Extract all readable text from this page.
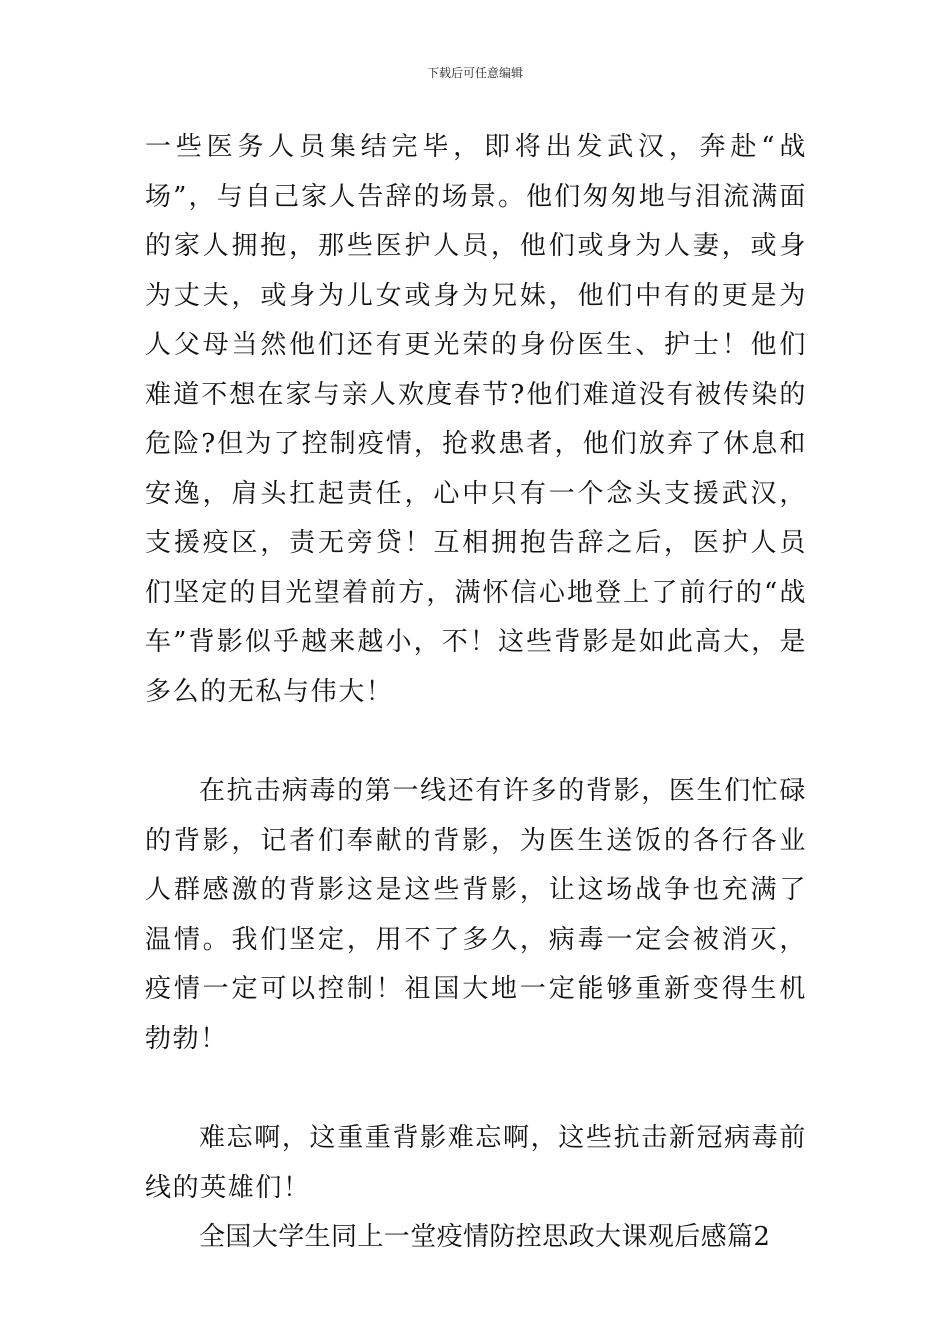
下载后可任意编辑

一些医务人员集结完毕，即将出发武汉，奔赴“战场”，与自己家人告辞的场景。他们匆匆地与泪流满面的家人拥抱，那些医护人员，他们或身为人妻，或身为丈夫，或身为儿女或身为兄妹，他们中有的更是为人父母当然他们还有更光荣的身份医生、护士！他们难道不想在家与亲人欢度春节?他们难道没有被传染的危险?但为了控制疫情，抢救患者，他们放弃了休息和安逸，肩头扛起责任，心中只有一个念头支援武汉，支援疫区，责无旁贷！互相拥抱告辞之后，医护人员们坚定的目光望着前方，满怀信心地登上了前行的“战车”背影似乎越来越小，不！这些背影是如此高大，是多么的无私与伟大！

在抗击病毒的第一线还有许多的背影，医生们忙碌的背影，记者们奉献的背影，为医生送饭的各行各业人群感激的背影这是这些背影，让这场战争也充满了温情。我们坚定，用不了多久，病毒一定会被消灭，疫情一定可以控制！祖国大地一定能够重新变得生机勃勃！

难忘啊，这重重背影难忘啊，这些抗击新冠病毒前线的英雄们！

全国大学生同上一堂疫情防控思政大课观后感篇2
